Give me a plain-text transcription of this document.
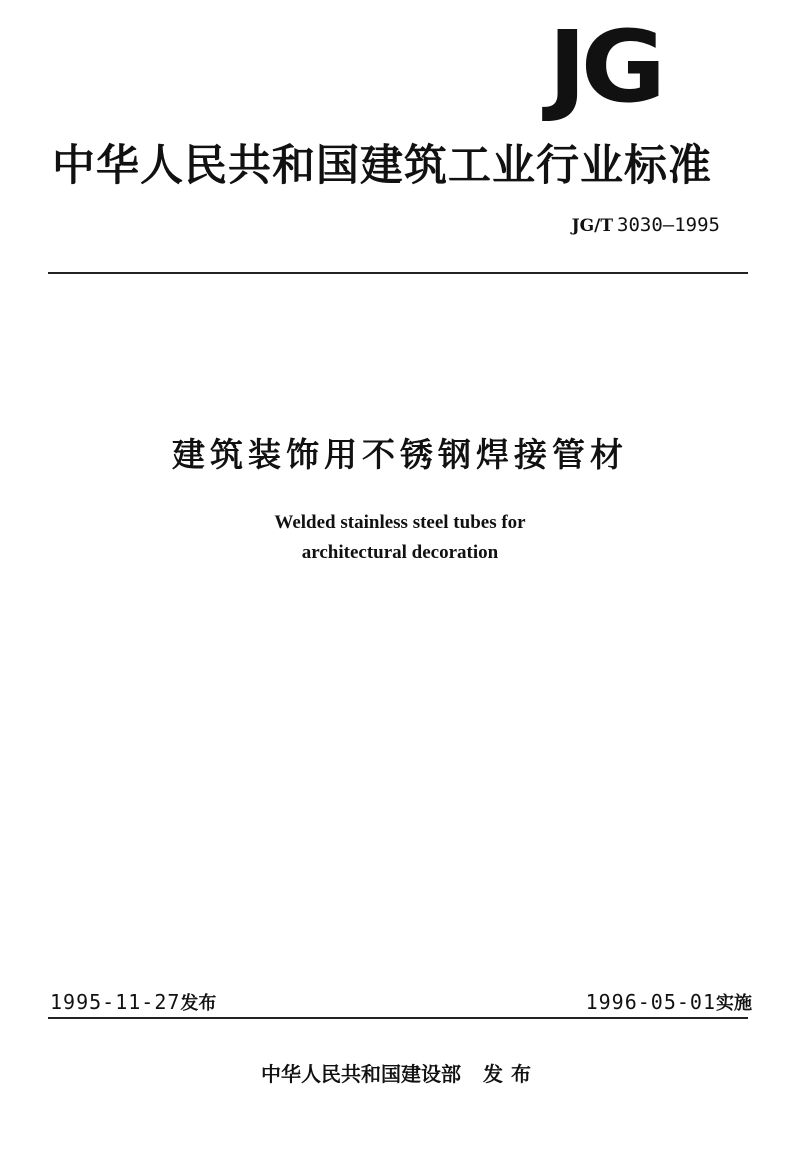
JG
中华人民共和国建筑工业行业标准
JG/T 3030—1995
建筑装饰用不锈钢焊接管材
Welded stainless steel tubes for
architectural decoration
1995-11-27发布	1996-05-01实施
中华人民共和国建设部 发布
